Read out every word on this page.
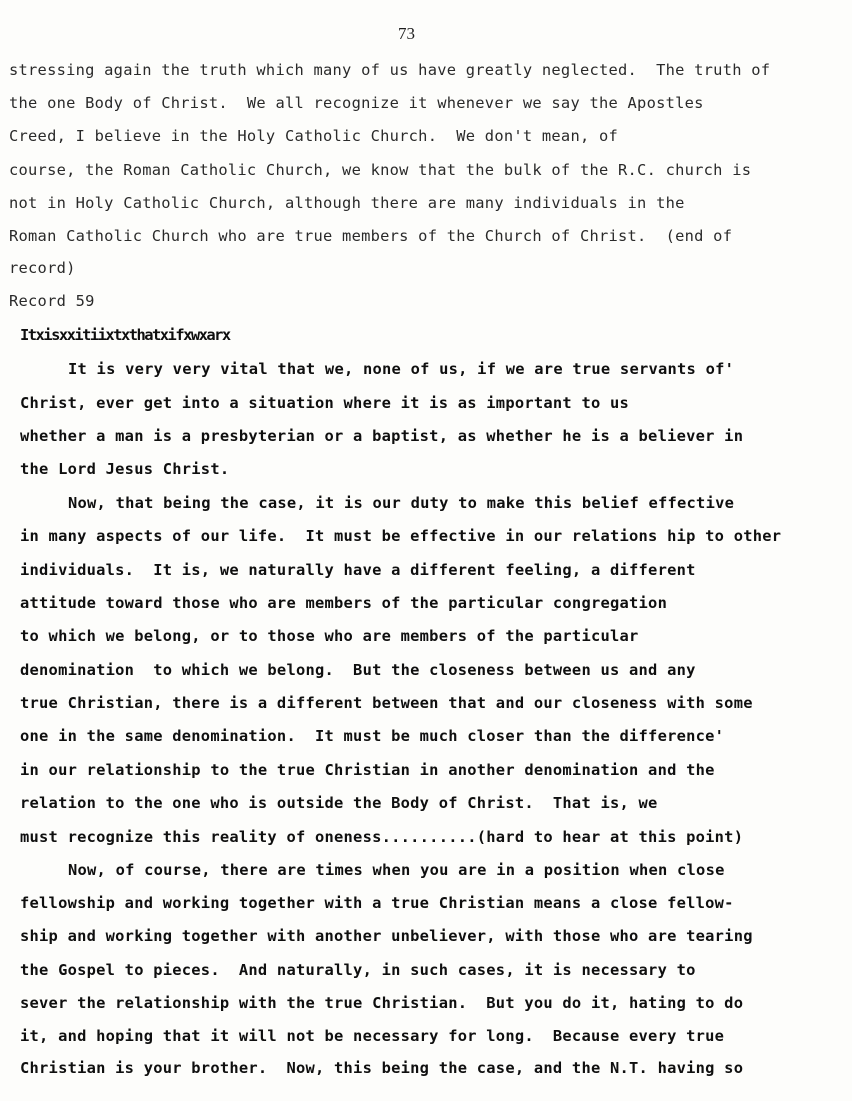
73
stressing again the truth which many of us have greatly neglected.  The truth of
the one Body of Christ.  We all recognize it whenever we say the Apostles
Creed, I believe in the Holy Catholic Church.  We don't mean, of
course, the Roman Catholic Church, we know that the bulk of the R.C. church is
not in Holy Catholic Church, although there are many individuals in the
Roman Catholic Church who are true members of the Church of Christ.  (end of
record)
Record 59
Itxisxxitiixtxthatxifxwxarx
It is very very vital that we, none of us, if we are true servants of'
Christ, ever get into a situation where it is as important to us
whether a man is a presbyterian or a baptist, as whether he is a believer in
the Lord Jesus Christ.
Now, that being the case, it is our duty to make this belief effective
in many aspects of our life.  It must be effective in our relations hip to other
individuals.  It is, we naturally have a different feeling, a different
attitude toward those who are members of the particular congregation
to which we belong, or to those who are members of the particular
denomination  to which we belong.  But the closeness between us and any
true Christian, there is a different between that and our closeness with some
one in the same denomination.  It must be much closer than the difference'
in our relationship to the true Christian in another denomination and the
relation to the one who is outside the Body of Christ.  That is, we
must recognize this reality of oneness..........(hard to hear at this point)
Now, of course, there are times when you are in a position when close
fellowship and working together with a true Christian means a close fellow-
ship and working together with another unbeliever, with those who are tearing
the Gospel to pieces.  And naturally, in such cases, it is necessary to
sever the relationship with the true Christian.  But you do it, hating to do
it, and hoping that it will not be necessary for long.  Because every true
Christian is your brother.  Now, this being the case, and the N.T. having so
